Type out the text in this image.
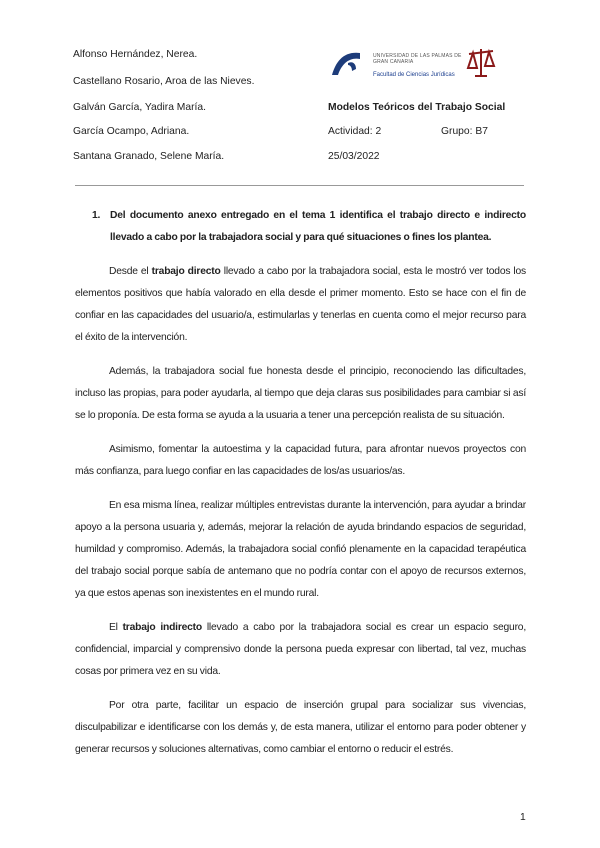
Alfonso Hernández, Nerea.
Castellano Rosario, Aroa de las Nieves.
Galván García, Yadira María.
García Ocampo, Adriana.
Santana Granado, Selene María.
UNIVERSIDAD DE LAS PALMAS DE GRAN CANARIA
Facultad de Ciencias Jurídicas
Modelos Teóricos del Trabajo Social
Actividad: 2	Grupo: B7
25/03/2022
1. Del documento anexo entregado en el tema 1 identifica el trabajo directo e indirecto llevado a cabo por la trabajadora social y para qué situaciones o fines los plantea.

Desde el trabajo directo llevado a cabo por la trabajadora social, esta le mostró ver todos los elementos positivos que había valorado en ella desde el primer momento. Esto se hace con el fin de confiar en las capacidades del usuario/a, estimularlas y tenerlas en cuenta como el mejor recurso para el éxito de la intervención.

Además, la trabajadora social fue honesta desde el principio, reconociendo las dificultades, incluso las propias, para poder ayudarla, al tiempo que deja claras sus posibilidades para cambiar si así se lo proponía. De esta forma se ayuda a la usuaria a tener una percepción realista de su situación.

Asimismo, fomentar la autoestima y la capacidad futura, para afrontar nuevos proyectos con más confianza, para luego confiar en las capacidades de los/as usuarios/as.

En esa misma línea, realizar múltiples entrevistas durante la intervención, para ayudar a brindar apoyo a la persona usuaria y, además, mejorar la relación de ayuda brindando espacios de seguridad, humildad y compromiso. Además, la trabajadora social confió plenamente en la capacidad terapéutica del trabajo social porque sabía de antemano que no podría contar con el apoyo de recursos externos, ya que estos apenas son inexistentes en el mundo rural.

El trabajo indirecto llevado a cabo por la trabajadora social es crear un espacio seguro, confidencial, imparcial y comprensivo donde la persona pueda expresar con libertad, tal vez, muchas cosas por primera vez en su vida.

Por otra parte, facilitar un espacio de inserción grupal para socializar sus vivencias, disculpabilizar e identificarse con los demás y, de esta manera, utilizar el entorno para poder obtener y generar recursos y soluciones alternativas, como cambiar el entorno o reducir el estrés.

1
